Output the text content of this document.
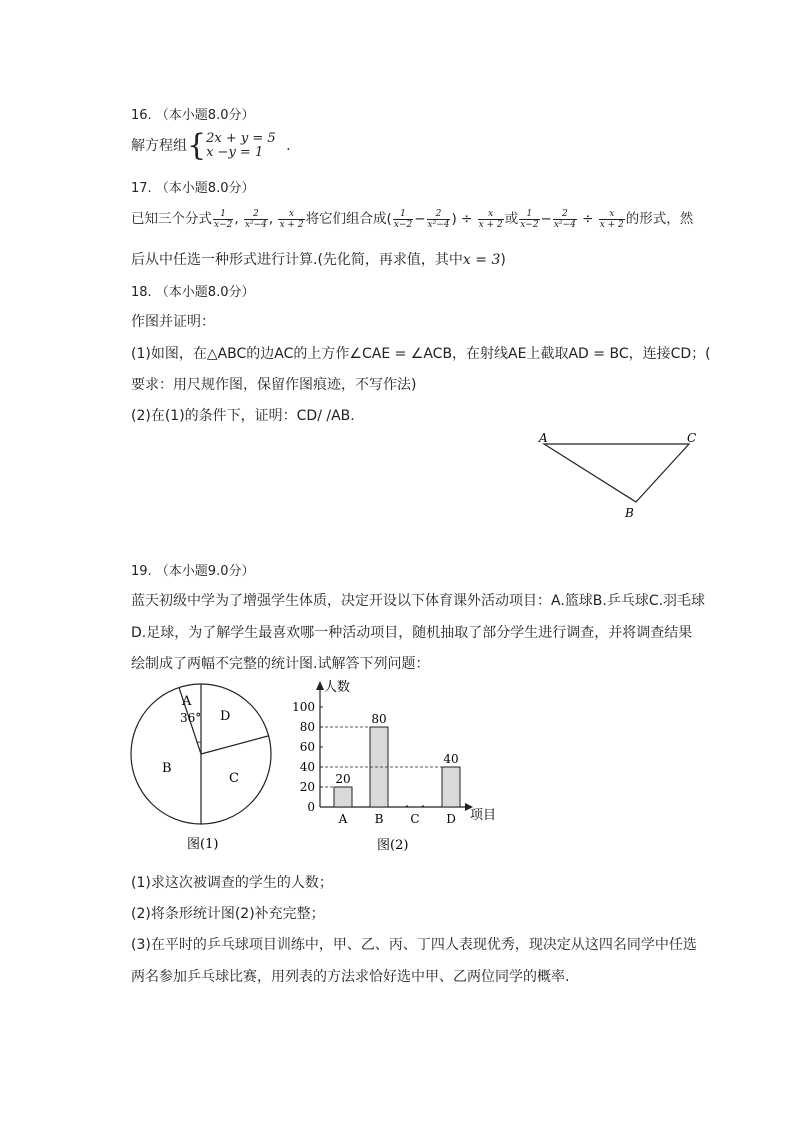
16. （本小题8.0分）
解方程组{ 2x + y = 5
x −y = 1	.
17. （本小题8.0分）
已知三个分式 $\frac{1}{x-2}$ , $\frac{2}{\text{x²−4}}$ , $\frac{x}{x + 2}$ 将它们组合成( $\frac{1}{x-2} - \frac{2}{\text{x²−4}}$ ) ÷ $\frac{x}{x + 2}$ 或 $\frac{1}{x-2} - \frac{2}{\text{x²−4}} \div \frac{x}{x + 2}$ 的形式，然
后从中任选一种形式进行计算.(先化简，再求值，其中x = 3)
18. （本小题8.0分）
作图并证明：
(1)如图，在△ABC的边AC的上方作∠CAE = ∠ACB，在射线AE上截取AD = BC，连接CD；(
要求：用尺规作图，保留作图痕迹，不写作法)
(2)在(1)的条件下，证明：CD/ /AB.
A	C
B
19. （本小题9.0分）
蓝天初级中学为了增强学生体质，决定开设以下体育课外活动项目：A.篮球B.乒乓球C.羽毛球
D.足球，为了解学生最喜欢哪一种活动项目，随机抽取了部分学生进行调查，并将调查结果
绘制成了两幅不完整的统计图.试解答下列问题：
A
36° D
B
C
图(1)
0
20
40
60
80
100
人数
项目
20
A
80
B C
40
D
图(2)
(1)求这次被调查的学生的人数；
(2)将条形统计图(2)补充完整；
(3)在平时的乒乓球项目训练中，甲、乙、丙、丁四人表现优秀，现决定从这四名同学中任选
两名参加乒乓球比赛，用列表的方法求恰好选中甲、乙两位同学的概率.
